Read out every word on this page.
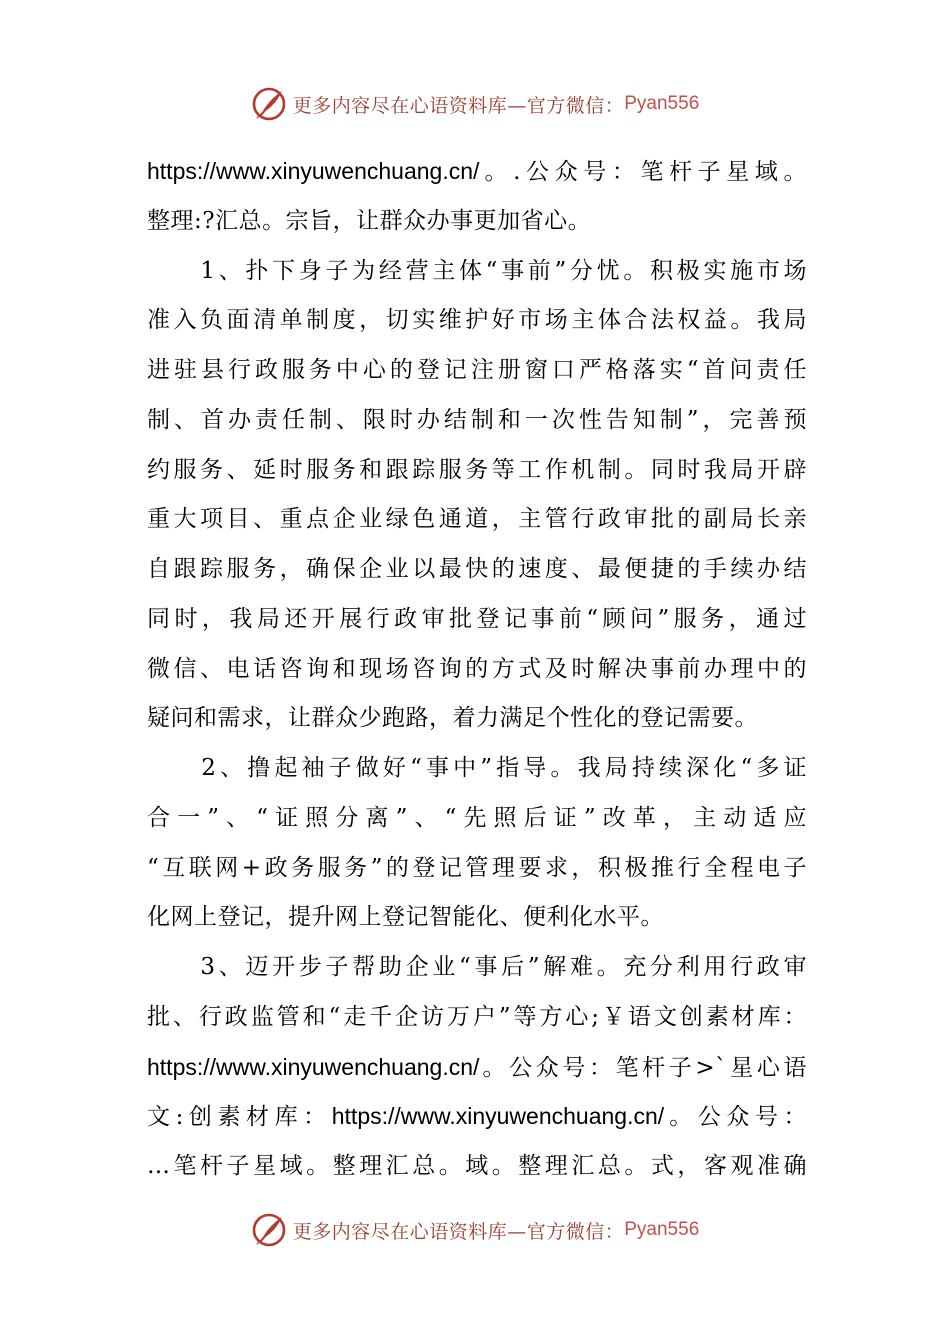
更多内容尽在心语资料库—官方微信： Pyan556
https://www.xinyuwenchuang.cn/。.公众号：笔杆子星域。
整理:?汇总。宗旨，让群众办事更加省心。
　　1、扑下身子为经营主体“事前”分忧。积极实施市场
准入负面清单制度，切实维护好市场主体合法权益。我局
进驻县行政服务中心的登记注册窗口严格落实“首问责任
制、首办责任制、限时办结制和一次性告知制”，完善预
约服务、延时服务和跟踪服务等工作机制。同时我局开辟
重大项目、重点企业绿色通道，主管行政审批的副局长亲
自跟踪服务，确保企业以最快的速度、最便捷的手续办结
同时，我局还开展行政审批登记事前“顾问”服务，通过
微信、电话咨询和现场咨询的方式及时解决事前办理中的
疑问和需求，让群众少跑路，着力满足个性化的登记需要。
　　2、撸起袖子做好“事中”指导。我局持续深化“多证
合一”、“证照分离”、“先照后证”改革，主动适应
“互联网+政务服务”的登记管理要求，积极推行全程电子
化网上登记，提升网上登记智能化、便利化水平。
　　3、迈开步子帮助企业“事后”解难。充分利用行政审
批、行政监管和“走千企访万户”等方心;￥语文创素材库：
https://www.xinyuwenchuang.cn/。公众号：笔杆子>`星心语
文:创素材库：https://www.xinyuwenchuang.cn/。公众号：
…笔杆子星域。整理汇总。域。整理汇总。式，客观准确
更多内容尽在心语资料库—官方微信： Pyan556
